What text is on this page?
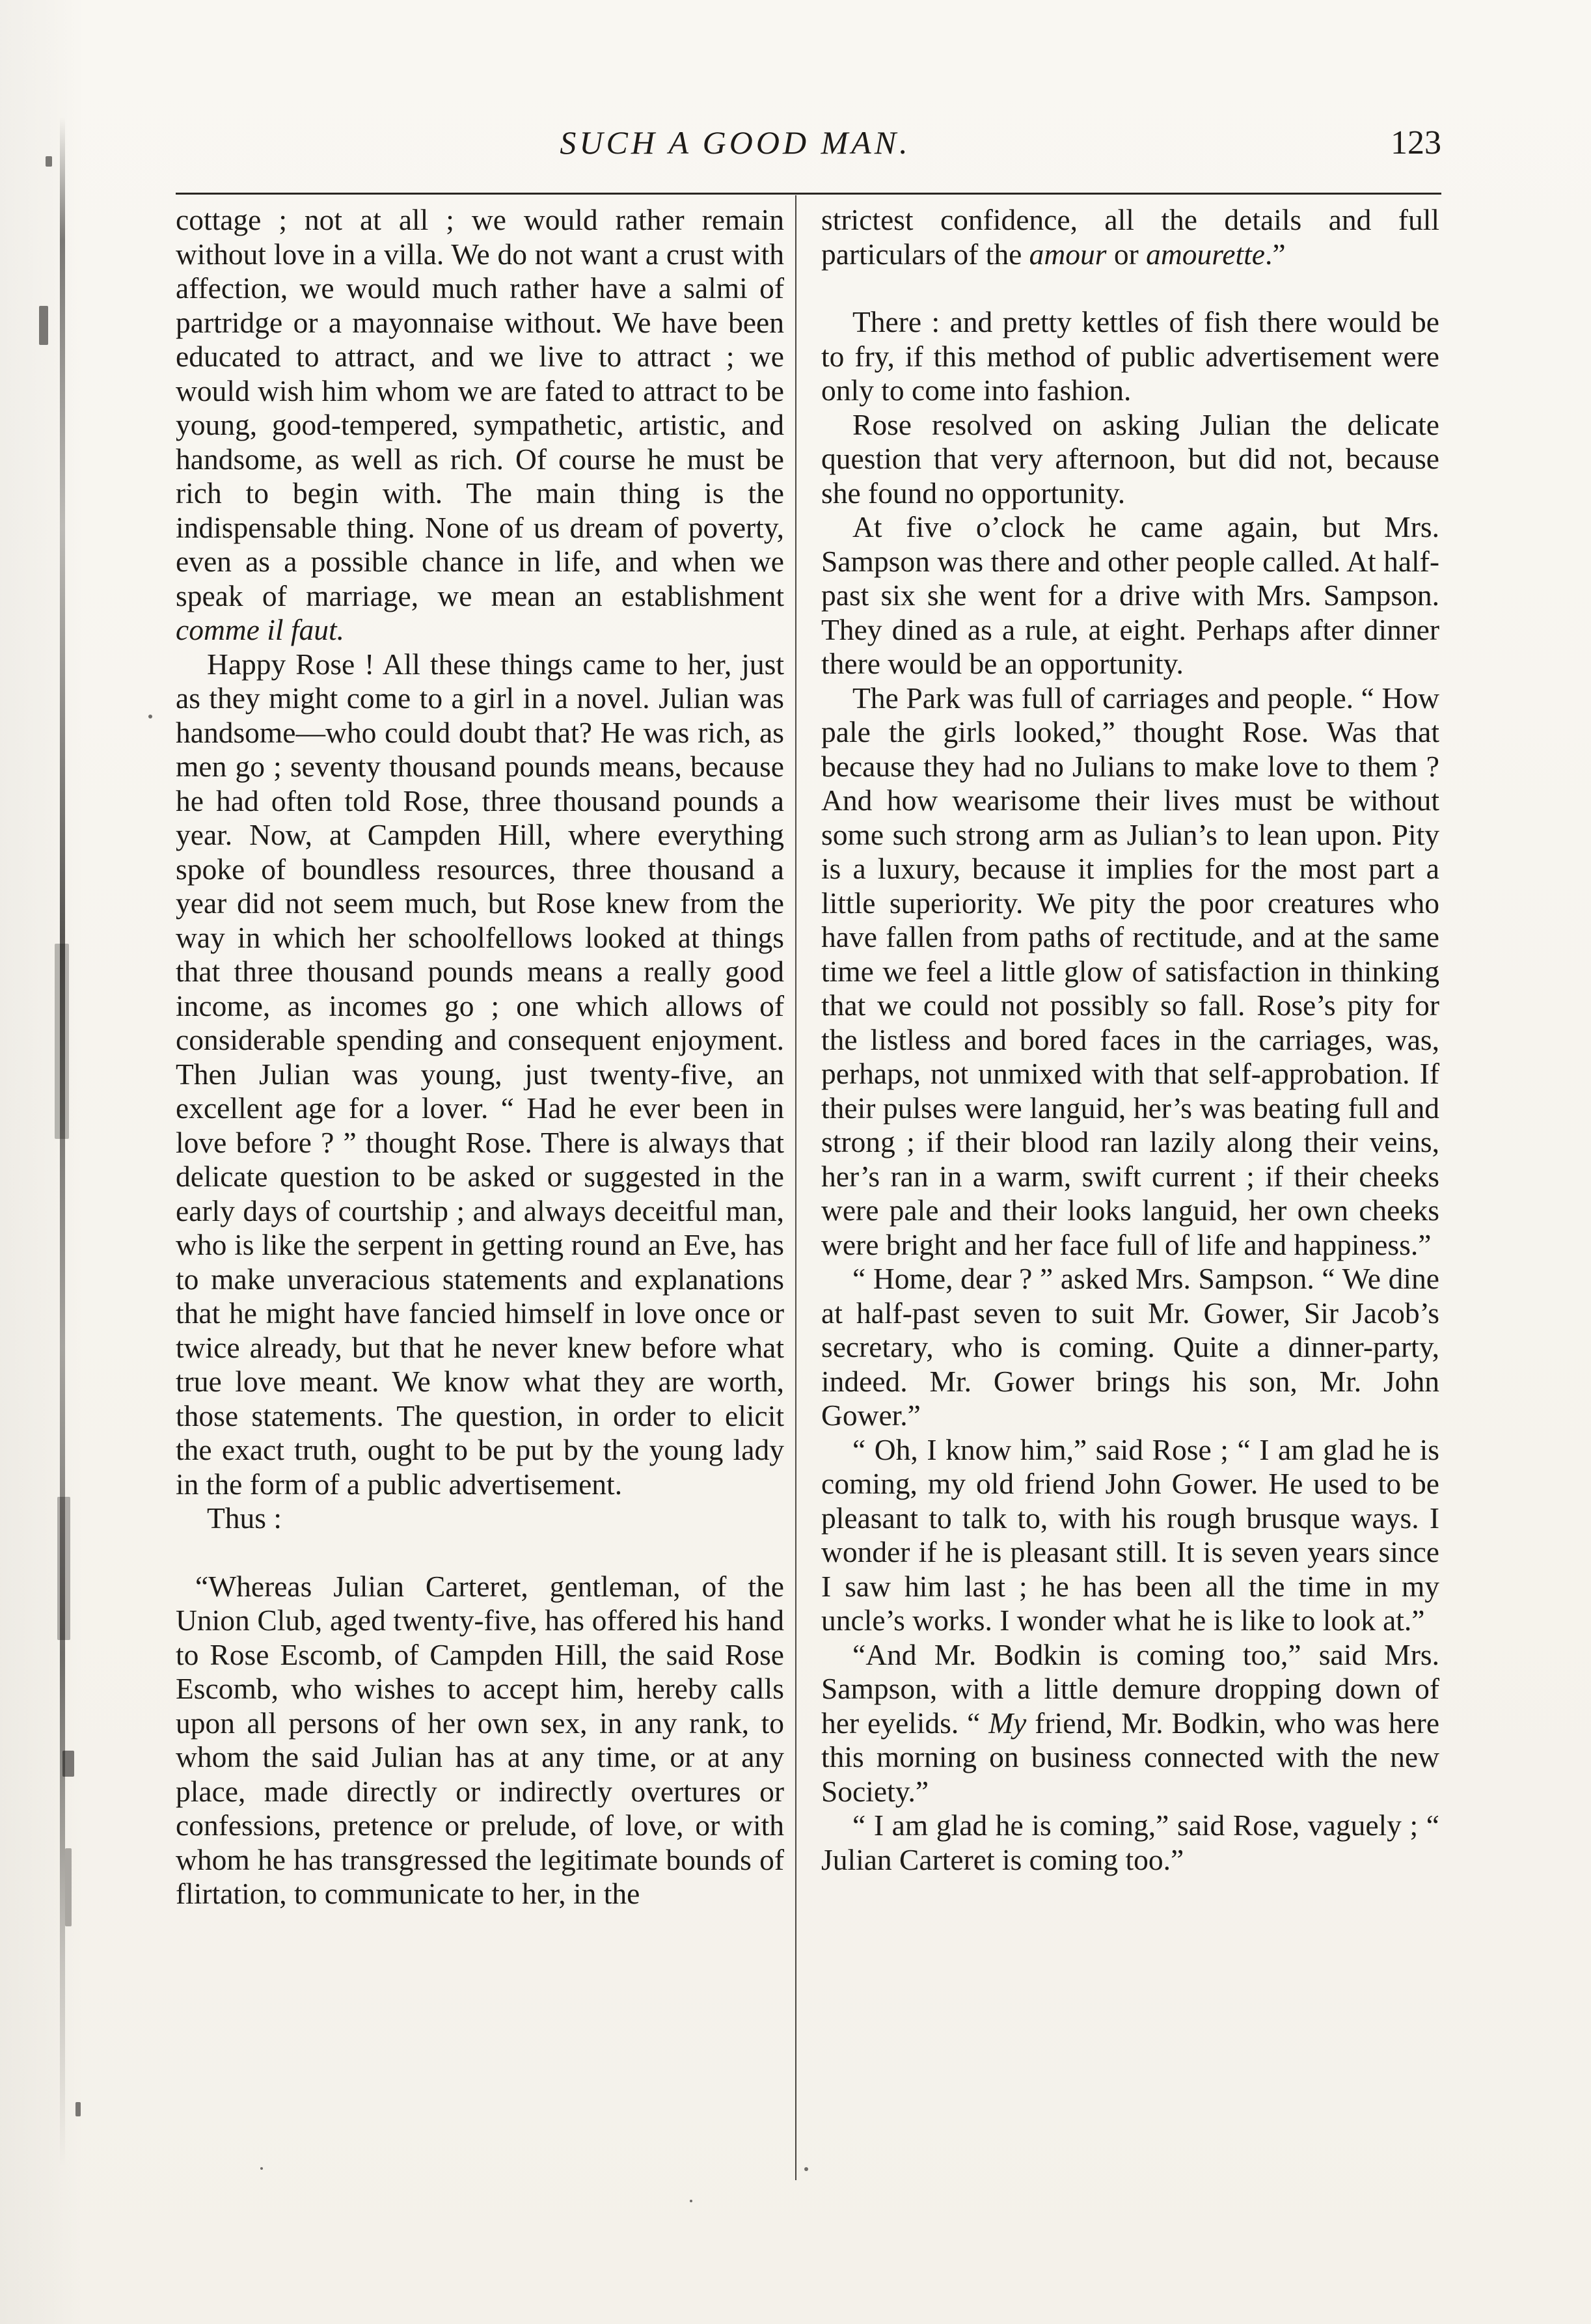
SUCH A GOOD MAN.	123

cottage ; not at all ; we would rather remain without love in a villa. We do not want a crust with affection, we would much rather have a salmi of partridge or a mayonnaise without. We have been educated to attract, and we live to attract ; we would wish him whom we are fated to attract to be young, good-tempered, sympathetic, artistic, and handsome, as well as rich. Of course he must be rich to begin with. The main thing is the indispensable thing. None of us dream of poverty, even as a possible chance in life, and when we speak of marriage, we mean an establishment comme il faut.

Happy Rose ! All these things came to her, just as they might come to a girl in a novel. Julian was handsome—who could doubt that? He was rich, as men go ; seventy thousand pounds means, because he had often told Rose, three thousand pounds a year. Now, at Campden Hill, where everything spoke of boundless resources, three thousand a year did not seem much, but Rose knew from the way in which her schoolfellows looked at things that three thousand pounds means a really good income, as incomes go ; one which allows of considerable spending and consequent enjoyment. Then Julian was young, just twenty-five, an excellent age for a lover. “ Had he ever been in love before ? ” thought Rose. There is always that delicate question to be asked or suggested in the early days of courtship ; and always deceitful man, who is like the serpent in getting round an Eve, has to make unveracious statements and explanations that he might have fancied himself in love once or twice already, but that he never knew before what true love meant. We know what they are worth, those statements. The question, in order to elicit the exact truth, ought to be put by the young lady in the form of a public advertisement.

Thus :

“Whereas Julian Carteret, gentleman, of the Union Club, aged twenty-five, has offered his hand to Rose Escomb, of Campden Hill, the said Rose Escomb, who wishes to accept him, hereby calls upon all persons of her own sex, in any rank, to whom the said Julian has at any time, or at any place, made directly or indirectly overtures or confessions, pretence or prelude, of love, or with whom he has transgressed the legitimate bounds of flirtation, to communicate to her, in the

strictest confidence, all the details and full particulars of the amour or amourette.”

There : and pretty kettles of fish there would be to fry, if this method of public advertisement were only to come into fashion.

Rose resolved on asking Julian the delicate question that very afternoon, but did not, because she found no opportunity.

At five o’clock he came again, but Mrs. Sampson was there and other people called. At half-past six she went for a drive with Mrs. Sampson. They dined as a rule, at eight. Perhaps after dinner there would be an opportunity.

The Park was full of carriages and people. “ How pale the girls looked,” thought Rose. Was that because they had no Julians to make love to them ? And how wearisome their lives must be without some such strong arm as Julian’s to lean upon. Pity is a luxury, because it implies for the most part a little superiority. We pity the poor creatures who have fallen from paths of rectitude, and at the same time we feel a little glow of satisfaction in thinking that we could not possibly so fall. Rose’s pity for the listless and bored faces in the carriages, was, perhaps, not unmixed with that self-approbation. If their pulses were languid, her’s was beating full and strong ; if their blood ran lazily along their veins, her’s ran in a warm, swift current ; if their cheeks were pale and their looks languid, her own cheeks were bright and her face full of life and happiness.”

“ Home, dear ? ” asked Mrs. Sampson. “ We dine at half-past seven to suit Mr. Gower, Sir Jacob’s secretary, who is coming. Quite a dinner-party, indeed. Mr. Gower brings his son, Mr. John Gower.”

“ Oh, I know him,” said Rose ; “ I am glad he is coming, my old friend John Gower. He used to be pleasant to talk to, with his rough brusque ways. I wonder if he is pleasant still. It is seven years since I saw him last ; he has been all the time in my uncle’s works. I wonder what he is like to look at.”

“And Mr. Bodkin is coming too,” said Mrs. Sampson, with a little demure dropping down of her eyelids. “ My friend, Mr. Bodkin, who was here this morning on business connected with the new Society.”

“ I am glad he is coming,” said Rose, vaguely ; “ Julian Carteret is coming too.”
